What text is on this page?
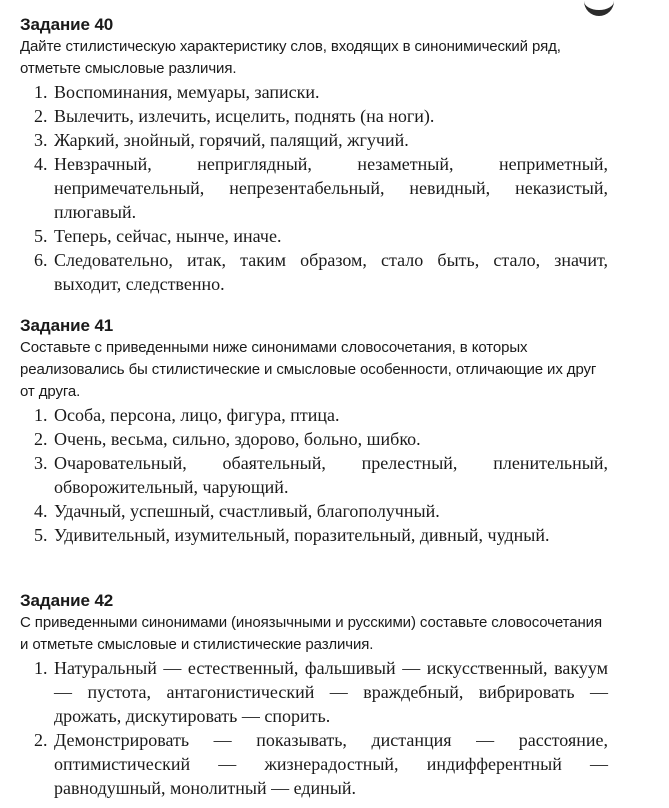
Задание 40

Дайте стилистическую характеристику слов, входящих в синонимический ряд, отметьте смысловые различия.

1. Воспоминания, мемуары, записки.
2. Вылечить, излечить, исцелить, поднять (на ноги).
3. Жаркий, знойный, горячий, палящий, жгучий.
4. Невзрачный, неприглядный, незаметный, неприметный, непримечательный, непрезентабельный, невидный, неказистый, плюгавый.
5. Теперь, сейчас, нынче, иначе.
6. Следовательно, итак, таким образом, стало быть, стало, значит, выходит, следственно.
Задание 41

Составьте с приведенными ниже синонимами словосочетания, в которых реализовались бы стилистические и смысловые особенности, отличающие их друг от друга.

1. Особа, персона, лицо, фигура, птица.
2. Очень, весьма, сильно, здорово, больно, шибко.
3. Очаровательный, обаятельный, прелестный, пленительный, обворожительный, чарующий.
4. Удачный, успешный, счастливый, благополучный.
5. Удивительный, изумительный, поразительный, дивный, чудный.
Задание 42

С приведенными синонимами (иноязычными и русскими) составьте словосочетания и отметьте смысловые и стилистические различия.

1. Натуральный — естественный, фальшивый — искусственный, вакуум — пустота, антагонистический — враждебный, вибрировать — дрожать, дискутировать — спорить.
2. Демонстрировать — показывать, дистанция — расстояние, оптимистический — жизнерадостный, индифферентный — равнодушный, монолитный — единый.
